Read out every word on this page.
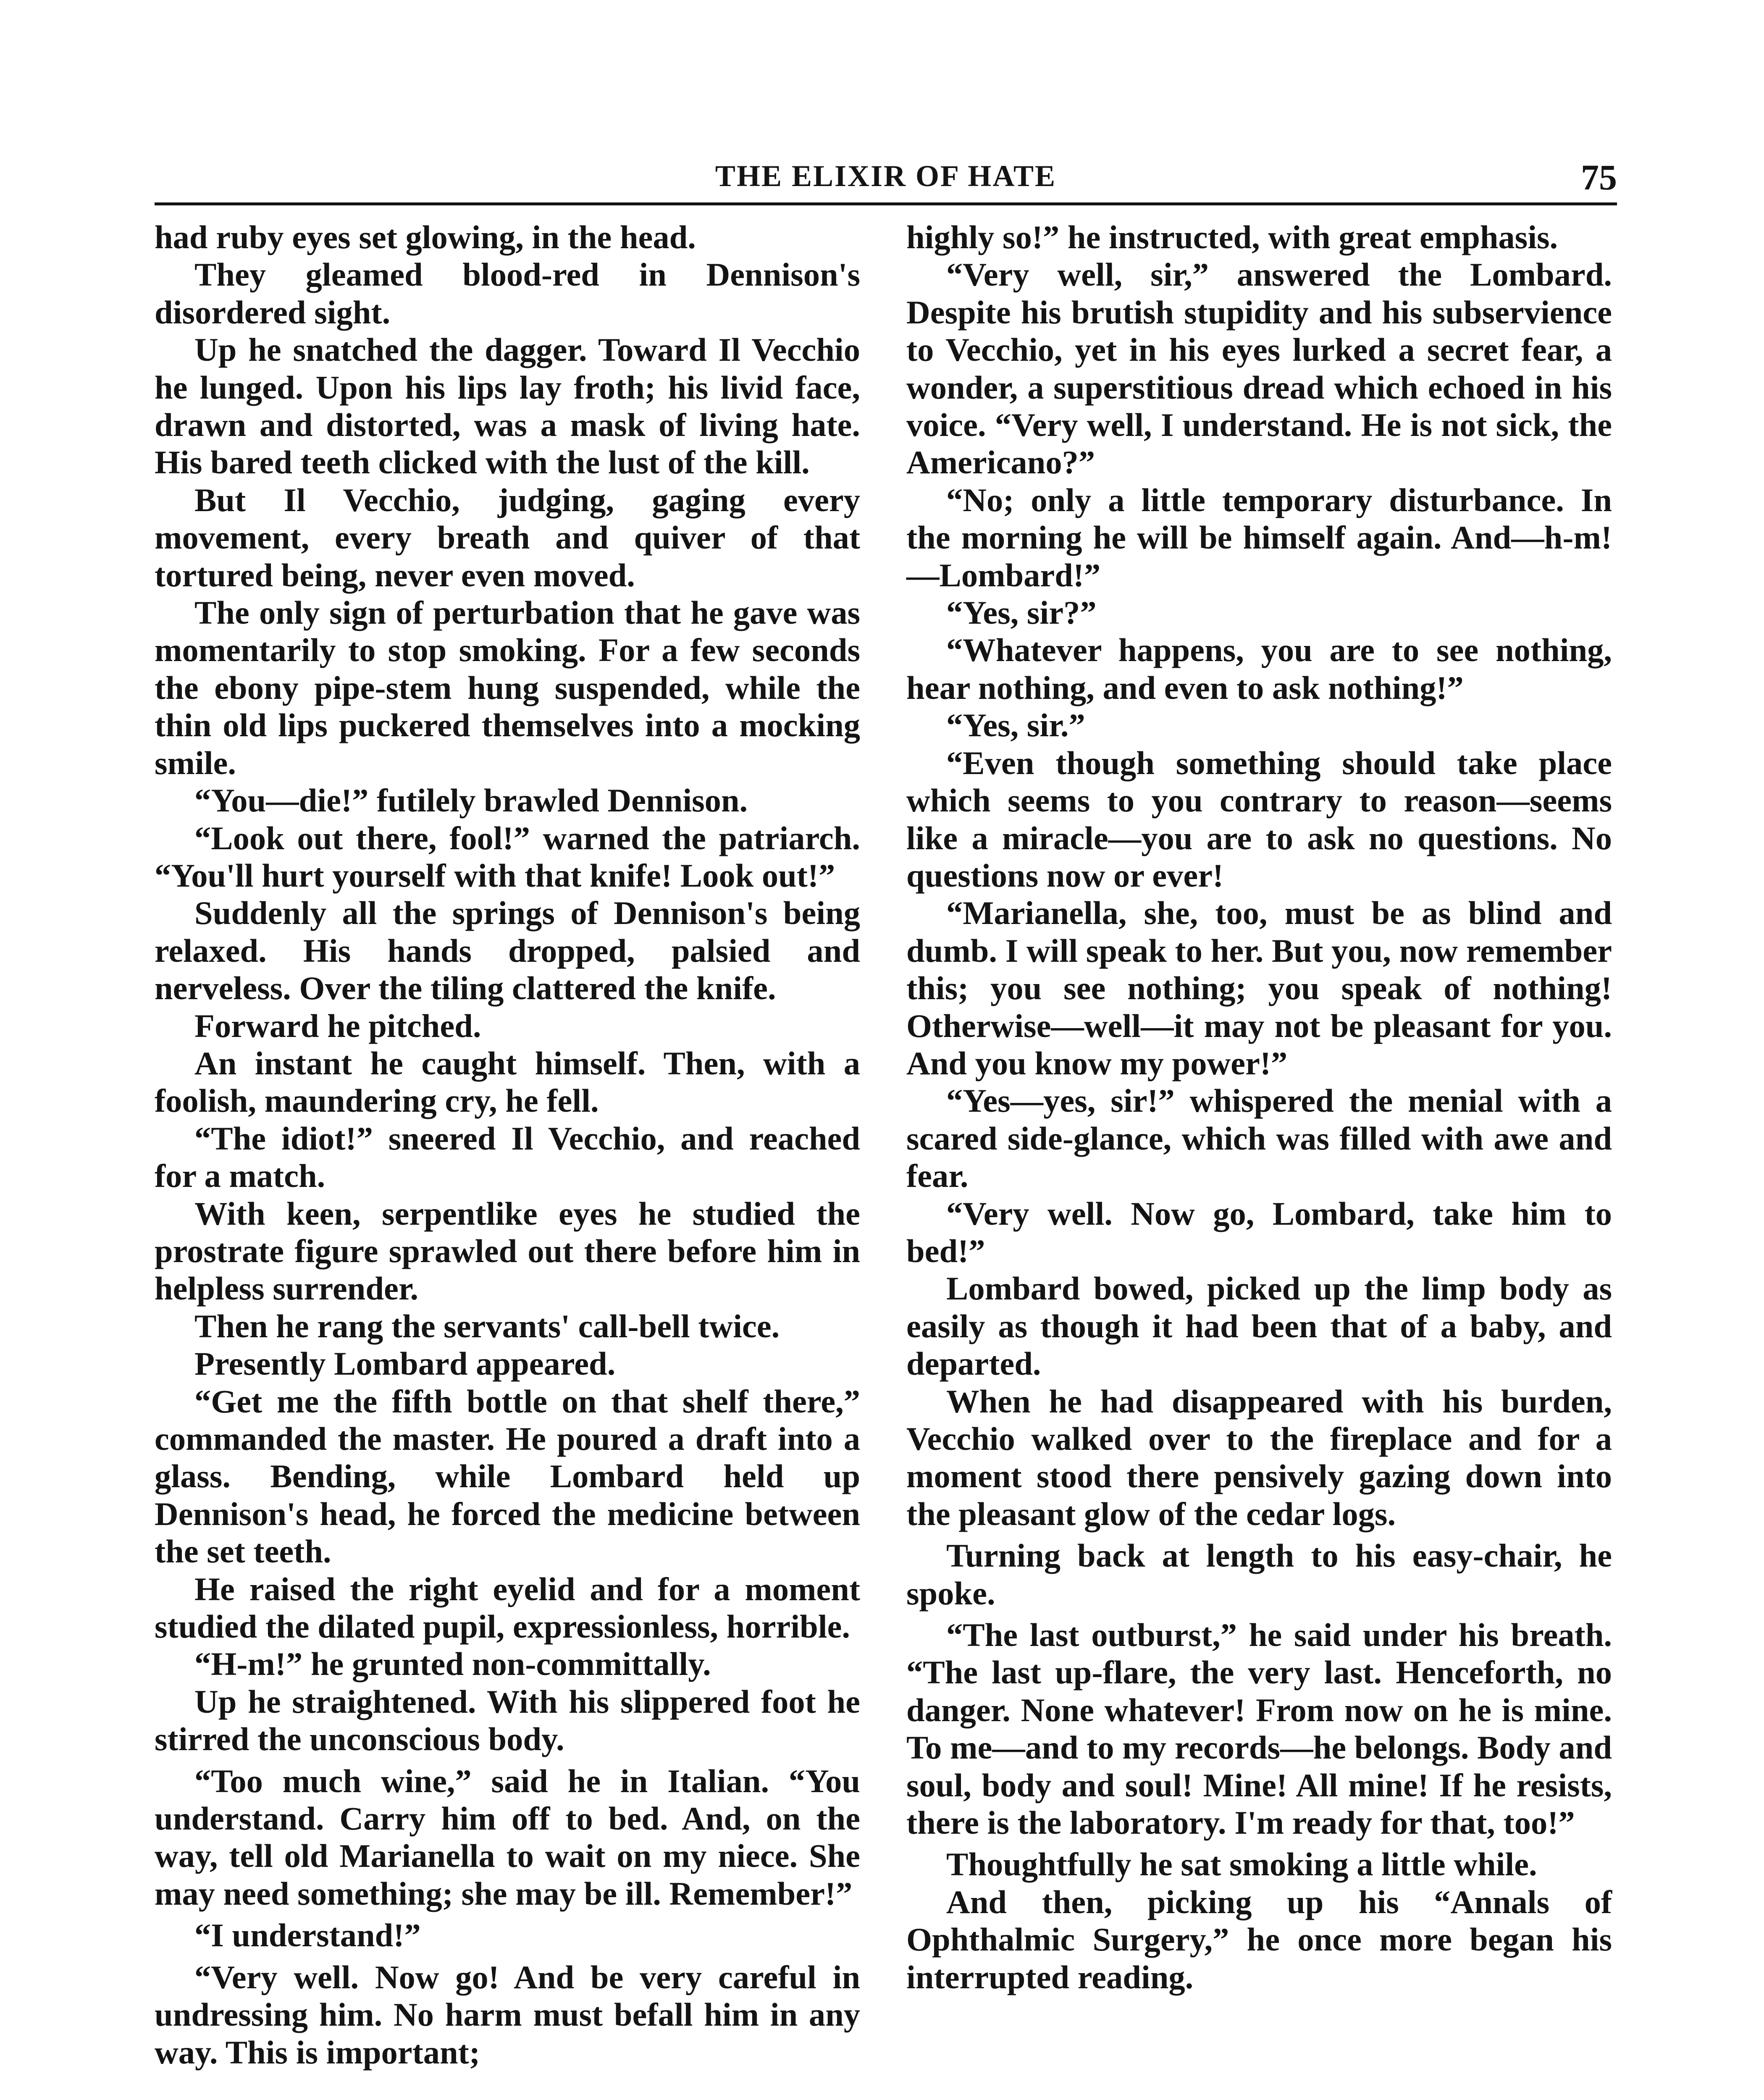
THE ELIXIR OF HATE	75

had ruby eyes set glowing, in the head.

They gleamed blood-red in Dennison's disordered sight.

Up he snatched the dagger. Toward Il Vecchio he lunged. Upon his lips lay froth; his livid face, drawn and distorted, was a mask of living hate. His bared teeth clicked with the lust of the kill.

But Il Vecchio, judging, gaging every movement, every breath and quiver of that tortured being, never even moved.

The only sign of perturbation that he gave was momentarily to stop smoking. For a few seconds the ebony pipe-stem hung suspended, while the thin old lips puckered themselves into a mocking smile.

“You—die!” futilely brawled Dennison.

“Look out there, fool!” warned the patriarch. “You'll hurt yourself with that knife! Look out!”

Suddenly all the springs of Dennison's being relaxed. His hands dropped, palsied and nerveless. Over the tiling clattered the knife.

Forward he pitched.

An instant he caught himself. Then, with a foolish, maundering cry, he fell.

“The idiot!” sneered Il Vecchio, and reached for a match.

With keen, serpentlike eyes he studied the prostrate figure sprawled out there before him in helpless surrender.

Then he rang the servants' call-bell twice.

Presently Lombard appeared.

“Get me the fifth bottle on that shelf there,” commanded the master. He poured a draft into a glass. Bending, while Lombard held up Dennison's head, he forced the medicine between the set teeth.

He raised the right eyelid and for a moment studied the dilated pupil, expressionless, horrible.

“H-m!” he grunted non-committally.

Up he straightened. With his slippered foot he stirred the unconscious body.

“Too much wine,” said he in Italian. “You understand. Carry him off to bed. And, on the way, tell old Marianella to wait on my niece. She may need something; she may be ill. Remember!”

“I understand!”

“Very well. Now go! And be very careful in undressing him. No harm must befall him in any way. This is important;

highly so!” he instructed, with great emphasis.

“Very well, sir,” answered the Lombard. Despite his brutish stupidity and his subservience to Vecchio, yet in his eyes lurked a secret fear, a wonder, a superstitious dread which echoed in his voice. “Very well, I understand. He is not sick, the Americano?”

“No; only a little temporary disturbance. In the morning he will be himself again. And—h-m!—Lombard!”

“Yes, sir?”

“Whatever happens, you are to see nothing, hear nothing, and even to ask nothing!”

“Yes, sir.”

“Even though something should take place which seems to you contrary to reason—seems like a miracle—you are to ask no questions. No questions now or ever!

“Marianella, she, too, must be as blind and dumb. I will speak to her. But you, now remember this; you see nothing; you speak of nothing! Otherwise—well—it may not be pleasant for you. And you know my power!”

“Yes—yes, sir!” whispered the menial with a scared side-glance, which was filled with awe and fear.

“Very well. Now go, Lombard, take him to bed!”

Lombard bowed, picked up the limp body as easily as though it had been that of a baby, and departed.

When he had disappeared with his burden, Vecchio walked over to the fireplace and for a moment stood there pensively gazing down into the pleasant glow of the cedar logs.

Turning back at length to his easy-chair, he spoke.

“The last outburst,” he said under his breath. “The last up-flare, the very last. Henceforth, no danger. None whatever! From now on he is mine. To me—and to my records—he belongs. Body and soul, body and soul! Mine! All mine! If he resists, there is the laboratory. I'm ready for that, too!”

Thoughtfully he sat smoking a little while.

And then, picking up his “Annals of Ophthalmic Surgery,” he once more began his interrupted reading.
